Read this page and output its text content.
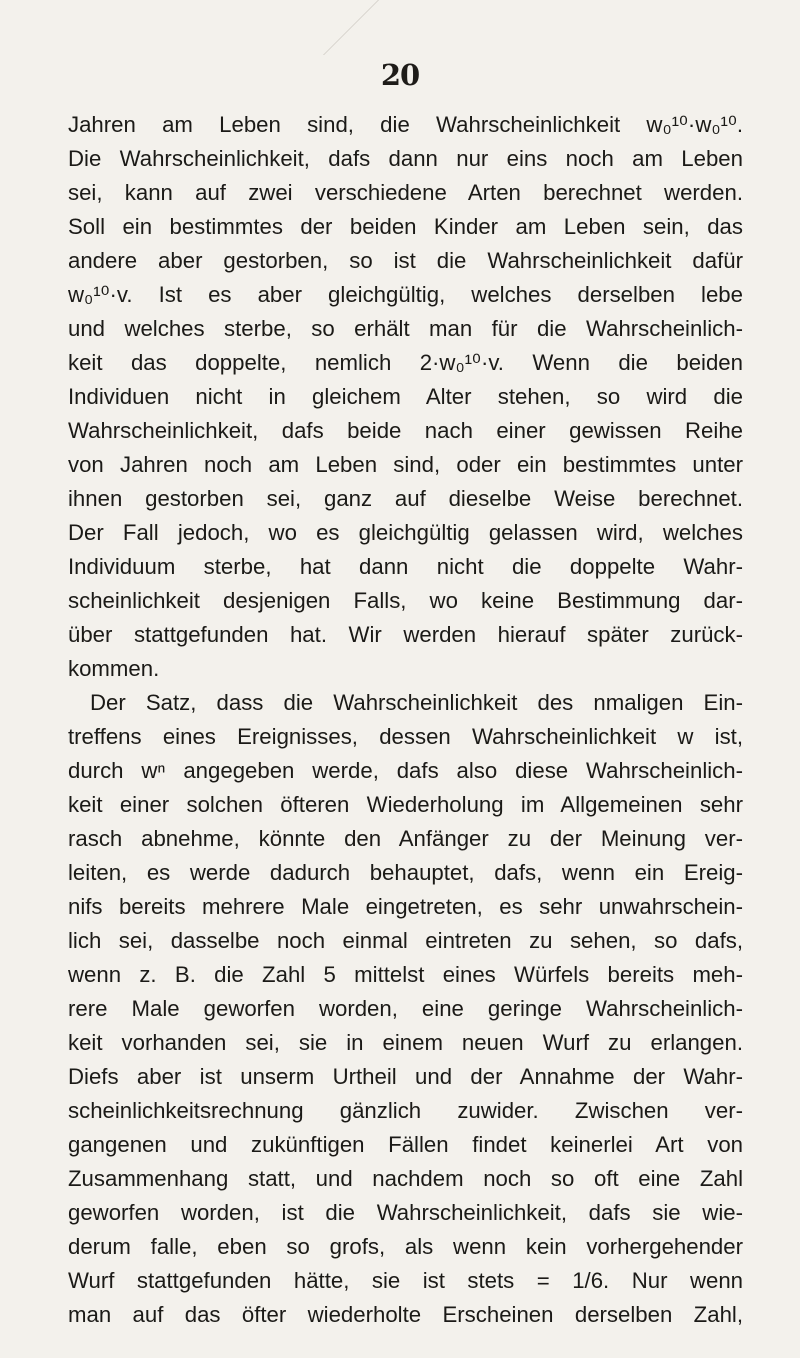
20
Jahren am Leben sind, die Wahrscheinlichkeit w₀¹⁰·w₀¹⁰.
Die Wahrscheinlichkeit, dafs dann nur eins noch am Leben
sei, kann auf zwei verschiedene Arten berechnet werden.
Soll ein bestimmtes der beiden Kinder am Leben sein, das
andere aber gestorben, so ist die Wahrscheinlichkeit dafür
w₀¹⁰·v. Ist es aber gleichgültig, welches derselben lebe
und welches sterbe, so erhält man für die Wahrscheinlich-
keit das doppelte, nemlich 2·w₀¹⁰·v. Wenn die beiden
Individuen nicht in gleichem Alter stehen, so wird die
Wahrscheinlichkeit, dafs beide nach einer gewissen Reihe
von Jahren noch am Leben sind, oder ein bestimmtes unter
ihnen gestorben sei, ganz auf dieselbe Weise berechnet.
Der Fall jedoch, wo es gleichgültig gelassen wird, welches
Individuum sterbe, hat dann nicht die doppelte Wahr-
scheinlichkeit desjenigen Falls, wo keine Bestimmung dar-
über stattgefunden hat. Wir werden hierauf später zurück-
kommen.
Der Satz, dass die Wahrscheinlichkeit des nmaligen Ein-
treffens eines Ereignisses, dessen Wahrscheinlichkeit w ist,
durch wⁿ angegeben werde, dafs also diese Wahrscheinlich-
keit einer solchen öfteren Wiederholung im Allgemeinen sehr
rasch abnehme, könnte den Anfänger zu der Meinung ver-
leiten, es werde dadurch behauptet, dafs, wenn ein Ereig-
nifs bereits mehrere Male eingetreten, es sehr unwahrschein-
lich sei, dasselbe noch einmal eintreten zu sehen, so dafs,
wenn z. B. die Zahl 5 mittelst eines Würfels bereits meh-
rere Male geworfen worden, eine geringe Wahrscheinlich-
keit vorhanden sei, sie in einem neuen Wurf zu erlangen.
Diefs aber ist unserm Urtheil und der Annahme der Wahr-
scheinlichkeitsrechnung gänzlich zuwider. Zwischen ver-
gangenen und zukünftigen Fällen findet keinerlei Art von
Zusammenhang statt, und nachdem noch so oft eine Zahl
geworfen worden, ist die Wahrscheinlichkeit, dafs sie wie-
derum falle, eben so grofs, als wenn kein vorhergehender
Wurf stattgefunden hätte, sie ist stets = 1/6. Nur wenn
man auf das öfter wiederholte Erscheinen derselben Zahl,
